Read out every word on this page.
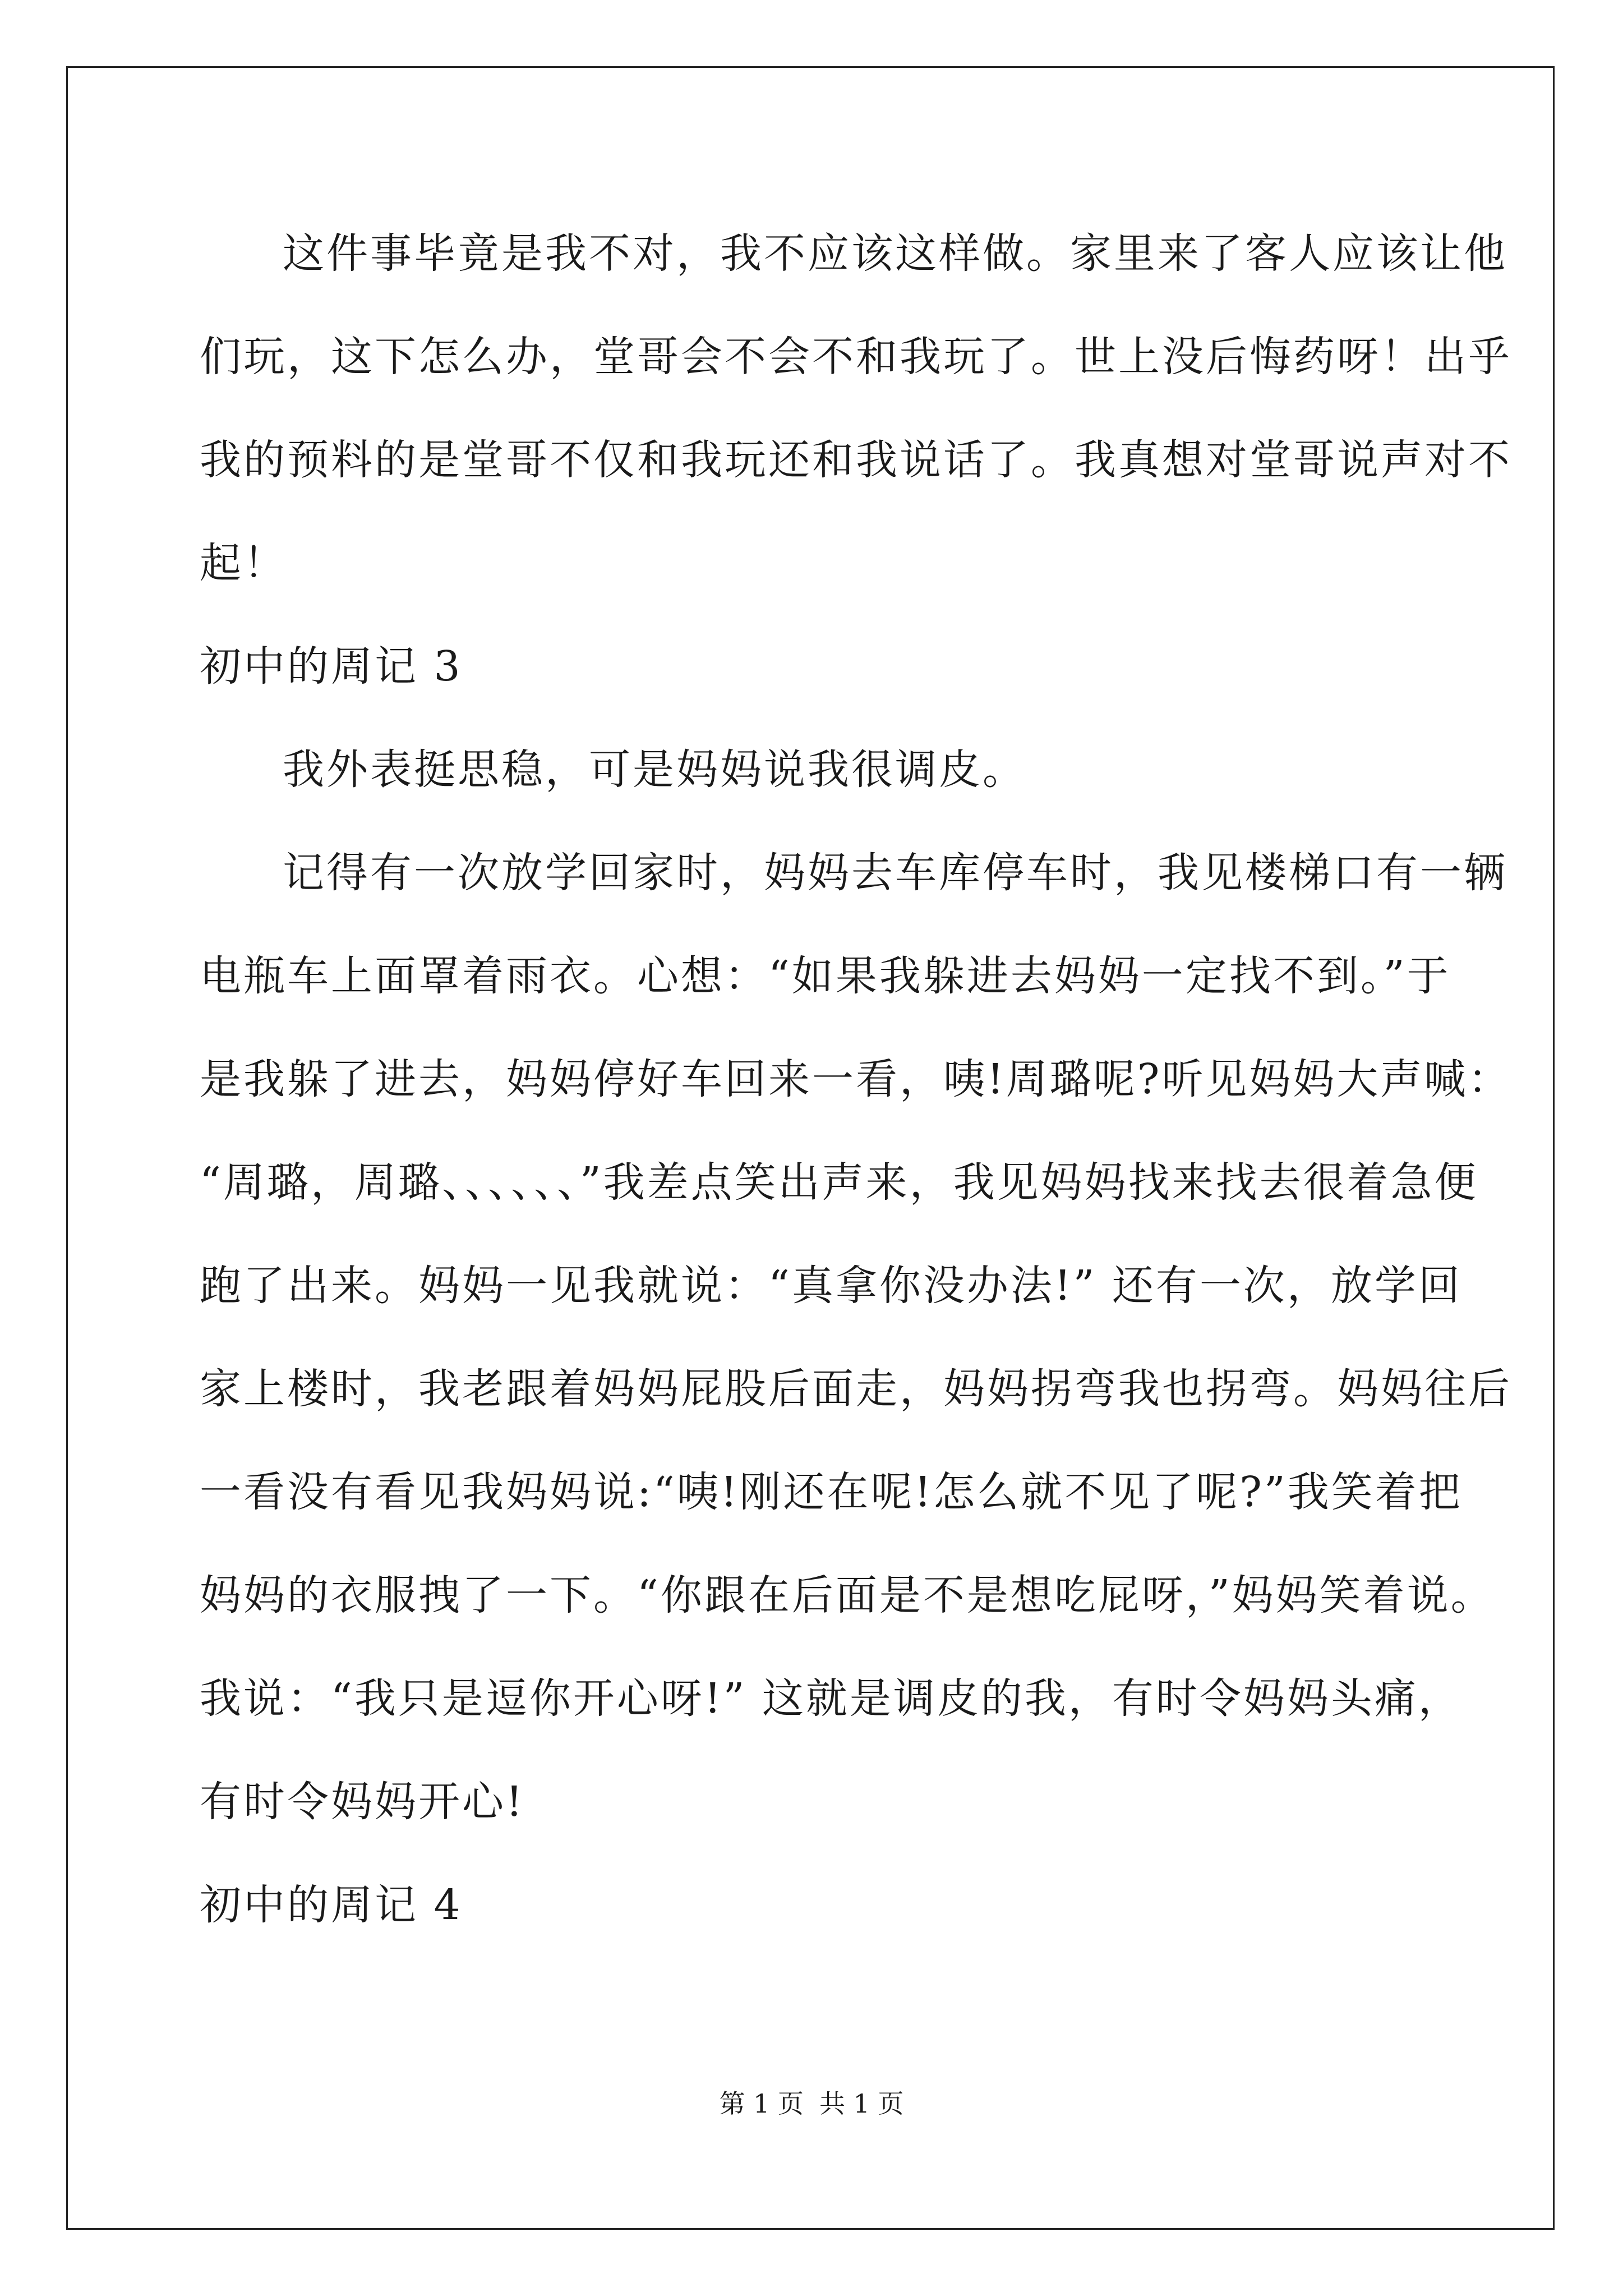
这件事毕竟是我不对，我不应该这样做。家里来了客人应该让他
们玩，这下怎么办，堂哥会不会不和我玩了。世上没后悔药呀！出乎
我的预料的是堂哥不仅和我玩还和我说话了。我真想对堂哥说声对不
起！
初中的周记 3
我外表挺思稳，可是妈妈说我很调皮。
记得有一次放学回家时，妈妈去车库停车时，我见楼梯口有一辆
电瓶车上面罩着雨衣。心想：“如果我躲进去妈妈一定找不到。”于
是我躲了进去，妈妈停好车回来一看，咦!周璐呢?听见妈妈大声喊：
“周璐，周璐、、、、、、”我差点笑出声来，我见妈妈找来找去很着急便
跑了出来。妈妈一见我就说：“真拿你没办法!” 还有一次，放学回
家上楼时，我老跟着妈妈屁股后面走，妈妈拐弯我也拐弯。妈妈往后
一看没有看见我妈妈说:“咦!刚还在呢!怎么就不见了呢?”我笑着把
妈妈的衣服拽了一下。“你跟在后面是不是想吃屁呀，”妈妈笑着说。
我说：“我只是逗你开心呀!” 这就是调皮的我，有时令妈妈头痛，
有时令妈妈开心!
初中的周记 4
第 1 页 共 1 页
